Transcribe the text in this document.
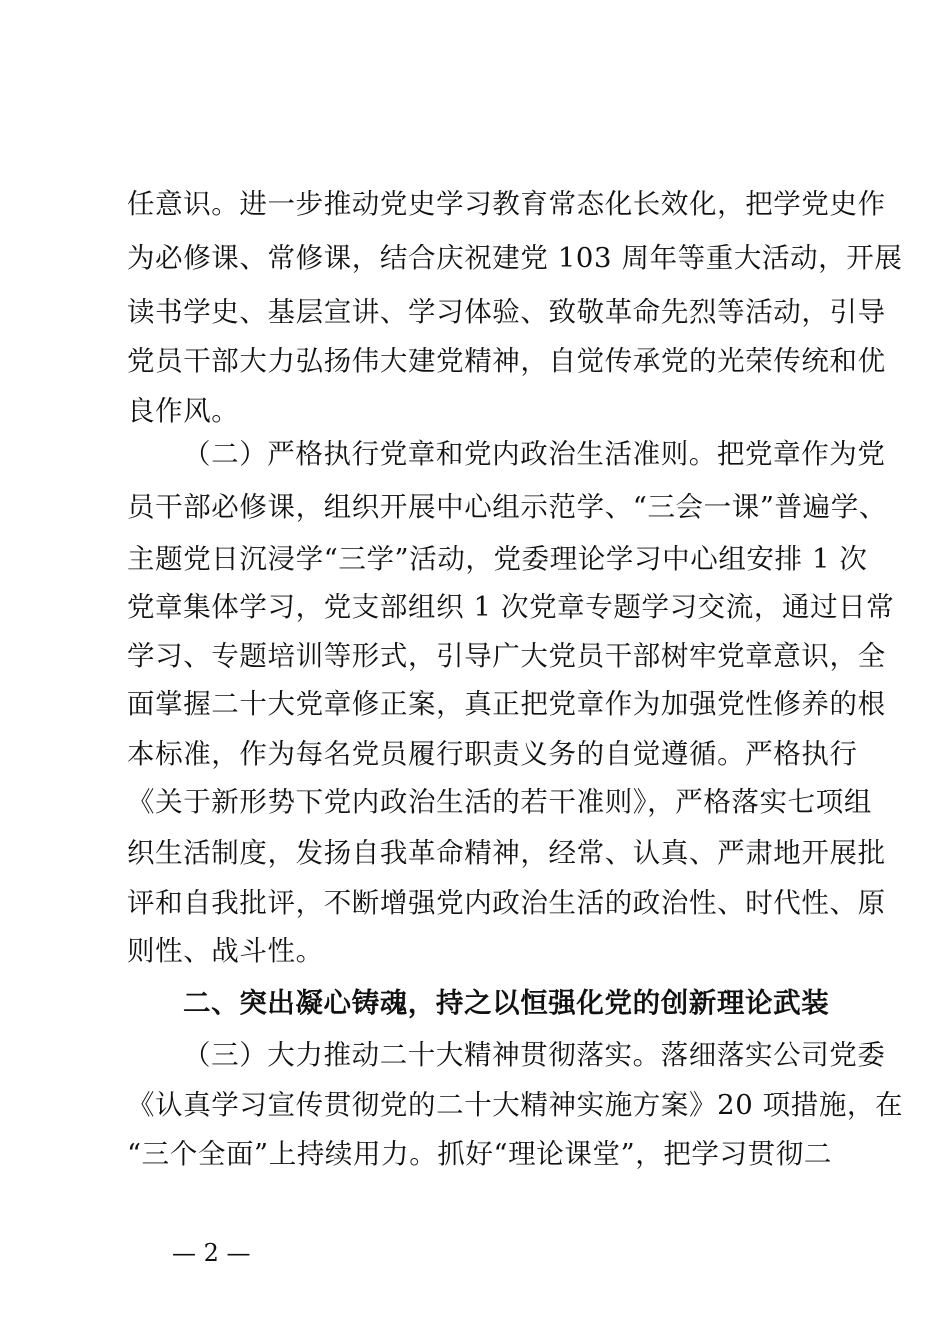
任意识。进一步推动党史学习教育常态化长效化，把学党史作
为必修课、常修课，结合庆祝建党 103 周年等重大活动，开展
读书学史、基层宣讲、学习体验、致敬革命先烈等活动，引导
党员干部大力弘扬伟大建党精神，自觉传承党的光荣传统和优
良作风。
（二）严格执行党章和党内政治生活准则。把党章作为党
员干部必修课，组织开展中心组示范学、“三会一课”普遍学、
主题党日沉浸学“三学”活动，党委理论学习中心组安排 1 次
党章集体学习，党支部组织 1 次党章专题学习交流，通过日常
学习、专题培训等形式，引导广大党员干部树牢党章意识，全
面掌握二十大党章修正案，真正把党章作为加强党性修养的根
本标准，作为每名党员履行职责义务的自觉遵循。严格执行
《关于新形势下党内政治生活的若干准则》，严格落实七项组
织生活制度，发扬自我革命精神，经常、认真、严肃地开展批
评和自我批评，不断增强党内政治生活的政治性、时代性、原
则性、战斗性。
二、突出凝心铸魂，持之以恒强化党的创新理论武装
（三）大力推动二十大精神贯彻落实。落细落实公司党委
《认真学习宣传贯彻党的二十大精神实施方案》20 项措施，在
“三个全面”上持续用力。抓好“理论课堂”，把学习贯彻二
— 2 —
